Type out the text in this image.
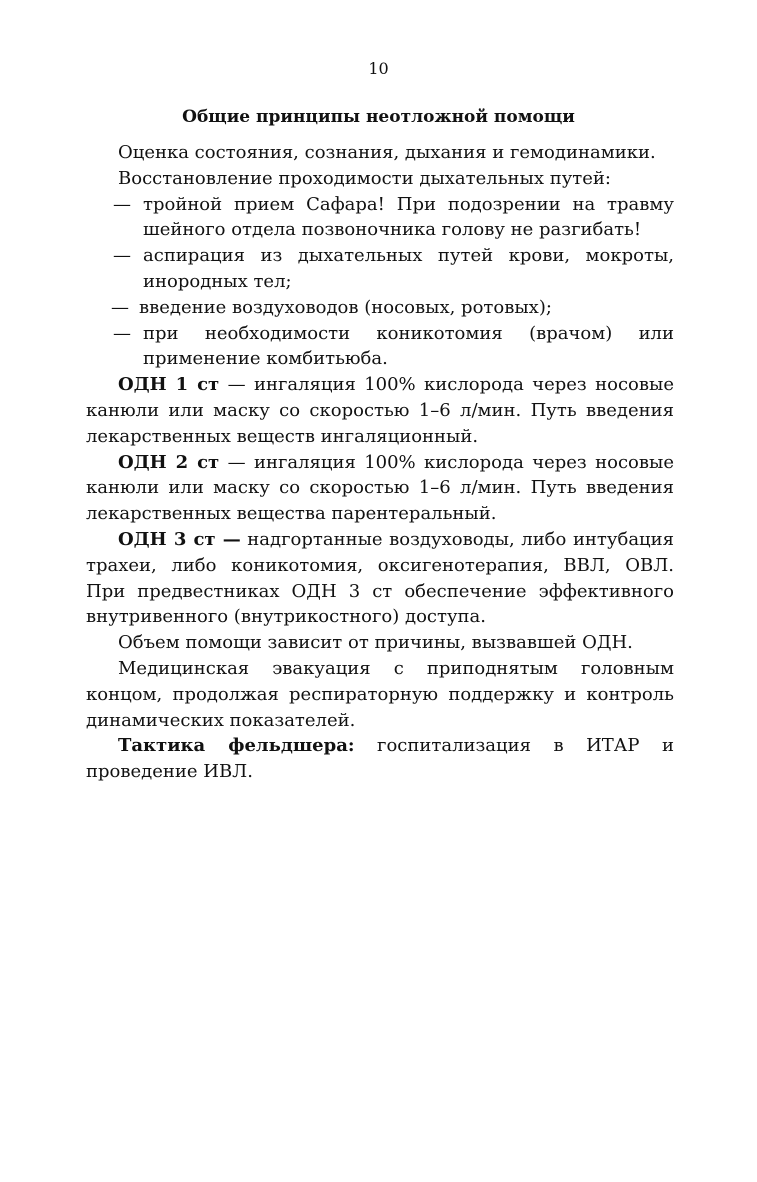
10
Общие принципы неотложной помощи

Оценка состояния, сознания, дыхания и гемодинамики.

Восстановление проходимости дыхательных путей:

— тройной прием Сафара! При подозрении на травму шейного отдела позвоночника голову не разгибать!
— аспирация из дыхательных путей крови, мокроты, инородных тел;
— введение воздуховодов (носовых, ротовых);
— при необходимости коникотомия (врачом) или применение комбитьюба.

ОДН 1 ст — ингаляция 100% кислорода через носовые канюли или маску со скоростью 1–6 л/мин. Путь введения лекарственных веществ ингаляционный.

ОДН 2 ст — ингаляция 100% кислорода через носовые канюли или маску со скоростью 1–6 л/мин. Путь введения лекарственных вещества парентеральный.

ОДН 3 ст — надгортанные воздуховоды, либо интубация трахеи, либо коникотомия, оксигенотерапия, ВВЛ, ОВЛ. При предвестниках ОДН 3 ст обеспечение эффективного внутривенного (внутрикостного) доступа.

Объем помощи зависит от причины, вызвавшей ОДН.

Медицинская эвакуация с приподнятым головным концом, продолжая респираторную поддержку и контроль динамических показателей.

Тактика фельдшера: госпитализация в ИТАР и проведение ИВЛ.
